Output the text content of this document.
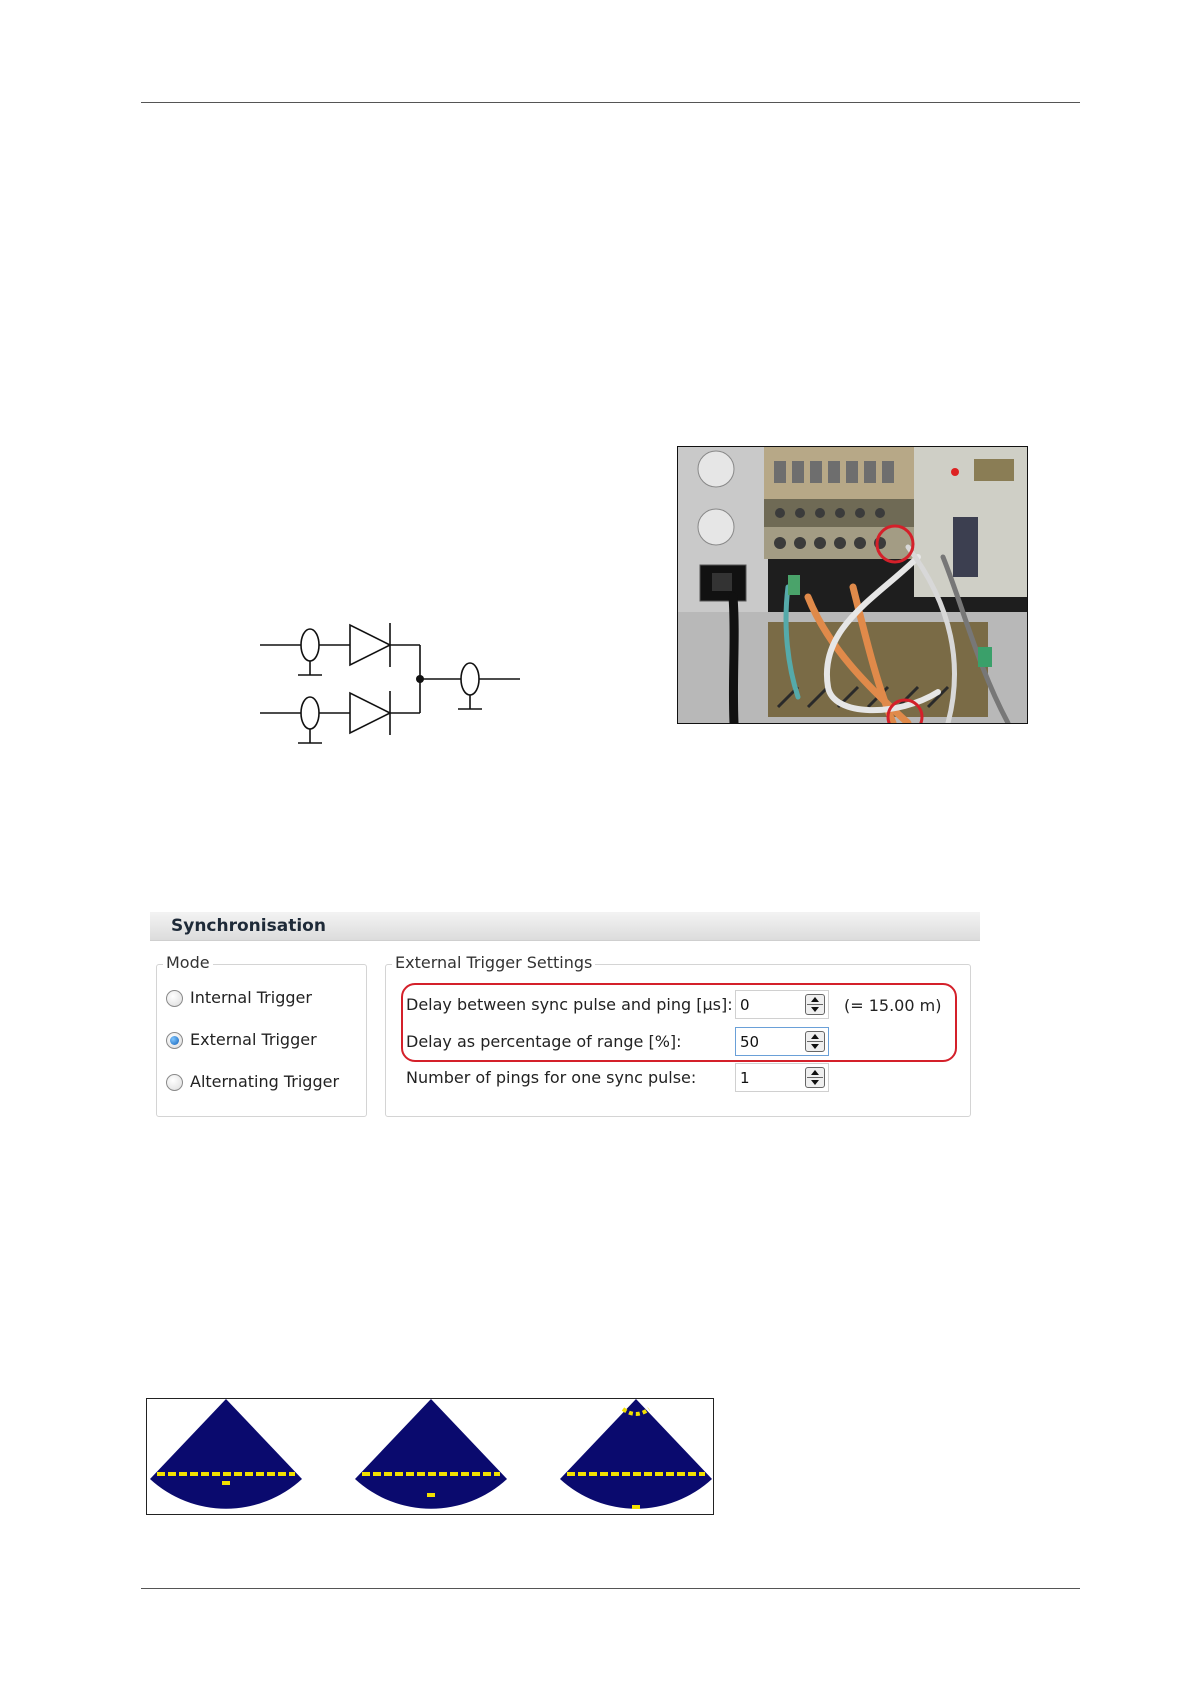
Synchronisation
Mode
Internal Trigger
External Trigger
Alternating Trigger
External Trigger Settings
Delay between sync pulse and ping [µs]: 0	(= 15.00 m)
Delay as percentage of range [%]:	50
Number of pings for one sync pulse:	1
